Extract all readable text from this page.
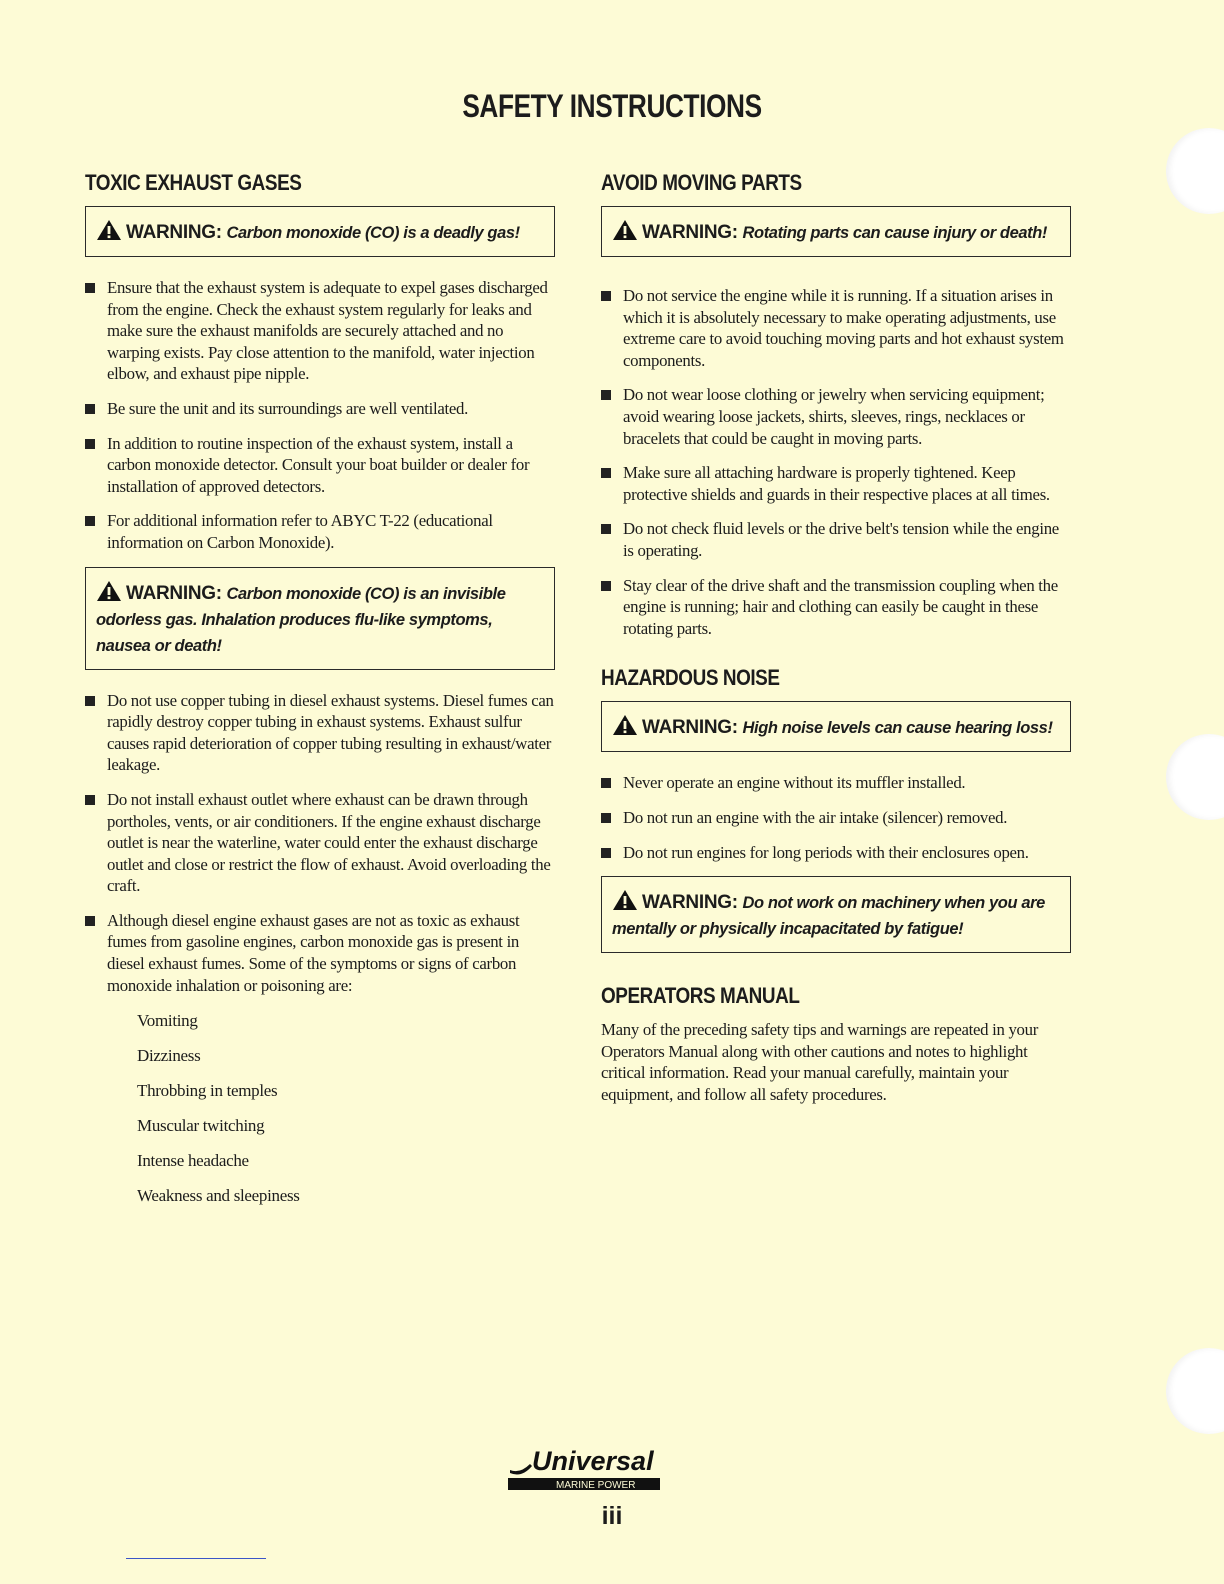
SAFETY INSTRUCTIONS
TOXIC EXHAUST GASES
WARNING: Carbon monoxide (CO) is a deadly gas!
Ensure that the exhaust system is adequate to expel gases discharged from the engine. Check the exhaust system regularly for leaks and make sure the exhaust manifolds are securely attached and no warping exists. Pay close attention to the manifold, water injection elbow, and exhaust pipe nipple.
Be sure the unit and its surroundings are well ventilated.
In addition to routine inspection of the exhaust system, install a carbon monoxide detector. Consult your boat builder or dealer for installation of approved detectors.
For additional information refer to ABYC T-22 (educational information on Carbon Monoxide).
WARNING: Carbon monoxide (CO) is an invisible odorless gas. Inhalation produces flu-like symptoms, nausea or death!
Do not use copper tubing in diesel exhaust systems. Diesel fumes can rapidly destroy copper tubing in exhaust systems. Exhaust sulfur causes rapid deterioration of copper tubing resulting in exhaust/water leakage.
Do not install exhaust outlet where exhaust can be drawn through portholes, vents, or air conditioners. If the engine exhaust discharge outlet is near the waterline, water could enter the exhaust discharge outlet and close or restrict the flow of exhaust. Avoid overloading the craft.
Although diesel engine exhaust gases are not as toxic as exhaust fumes from gasoline engines, carbon monoxide gas is present in diesel exhaust fumes. Some of the symptoms or signs of carbon monoxide inhalation or poisoning are:
Vomiting
Dizziness
Throbbing in temples
Muscular twitching
Intense headache
Weakness and sleepiness
AVOID MOVING PARTS
WARNING: Rotating parts can cause injury or death!
Do not service the engine while it is running. If a situation arises in which it is absolutely necessary to make operating adjustments, use extreme care to avoid touching moving parts and hot exhaust system components.
Do not wear loose clothing or jewelry when servicing equipment; avoid wearing loose jackets, shirts, sleeves, rings, necklaces or bracelets that could be caught in moving parts.
Make sure all attaching hardware is properly tightened. Keep protective shields and guards in their respective places at all times.
Do not check fluid levels or the drive belt's tension while the engine is operating.
Stay clear of the drive shaft and the transmission coupling when the engine is running; hair and clothing can easily be caught in these rotating parts.
HAZARDOUS NOISE
WARNING: High noise levels can cause hearing loss!
Never operate an engine without its muffler installed.
Do not run an engine with the air intake (silencer) removed.
Do not run engines for long periods with their enclosures open.
WARNING: Do not work on machinery when you are mentally or physically incapacitated by fatigue!
OPERATORS MANUAL

Many of the preceding safety tips and warnings are repeated in your Operators Manual along with other cautions and notes to highlight critical information. Read your manual carefully, maintain your equipment, and follow all safety procedures.

Universal
MARINE POWER
iii
